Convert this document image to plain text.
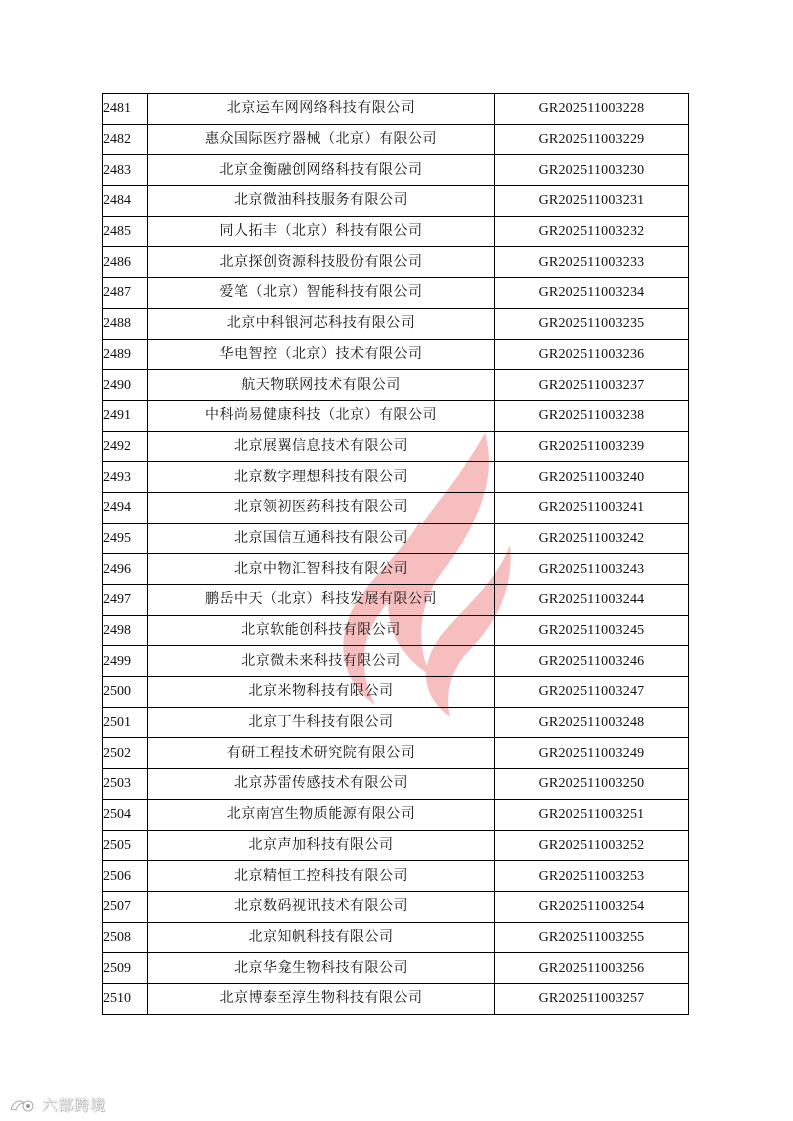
2481	北京运车网网络科技有限公司	GR202511003228
2482	惠众国际医疗器械（北京）有限公司	GR202511003229
2483	北京金衡融创网络科技有限公司	GR202511003230
2484	北京微油科技服务有限公司	GR202511003231
2485	同人拓丰（北京）科技有限公司	GR202511003232
2486	北京探创资源科技股份有限公司	GR202511003233
2487	爱笔（北京）智能科技有限公司	GR202511003234
2488	北京中科银河芯科技有限公司	GR202511003235
2489	华电智控（北京）技术有限公司	GR202511003236
2490	航天物联网技术有限公司	GR202511003237
2491	中科尚易健康科技（北京）有限公司	GR202511003238
2492	北京展翼信息技术有限公司	GR202511003239
2493	北京数字理想科技有限公司	GR202511003240
2494	北京领初医药科技有限公司	GR202511003241
2495	北京国信互通科技有限公司	GR202511003242
2496	北京中物汇智科技有限公司	GR202511003243
2497	鹏岳中天（北京）科技发展有限公司	GR202511003244
2498	北京软能创科技有限公司	GR202511003245
2499	北京微未来科技有限公司	GR202511003246
2500	北京米物科技有限公司	GR202511003247
2501	北京丁牛科技有限公司	GR202511003248
2502	有研工程技术研究院有限公司	GR202511003249
2503	北京苏雷传感技术有限公司	GR202511003250
2504	北京南宫生物质能源有限公司	GR202511003251
2505	北京声加科技有限公司	GR202511003252
2506	北京精恒工控科技有限公司	GR202511003253
2507	北京数码视讯技术有限公司	GR202511003254
2508	北京知帆科技有限公司	GR202511003255
2509	北京华龛生物科技有限公司	GR202511003256
2510	北京博泰至淳生物科技有限公司	GR202511003257
六部跨境
